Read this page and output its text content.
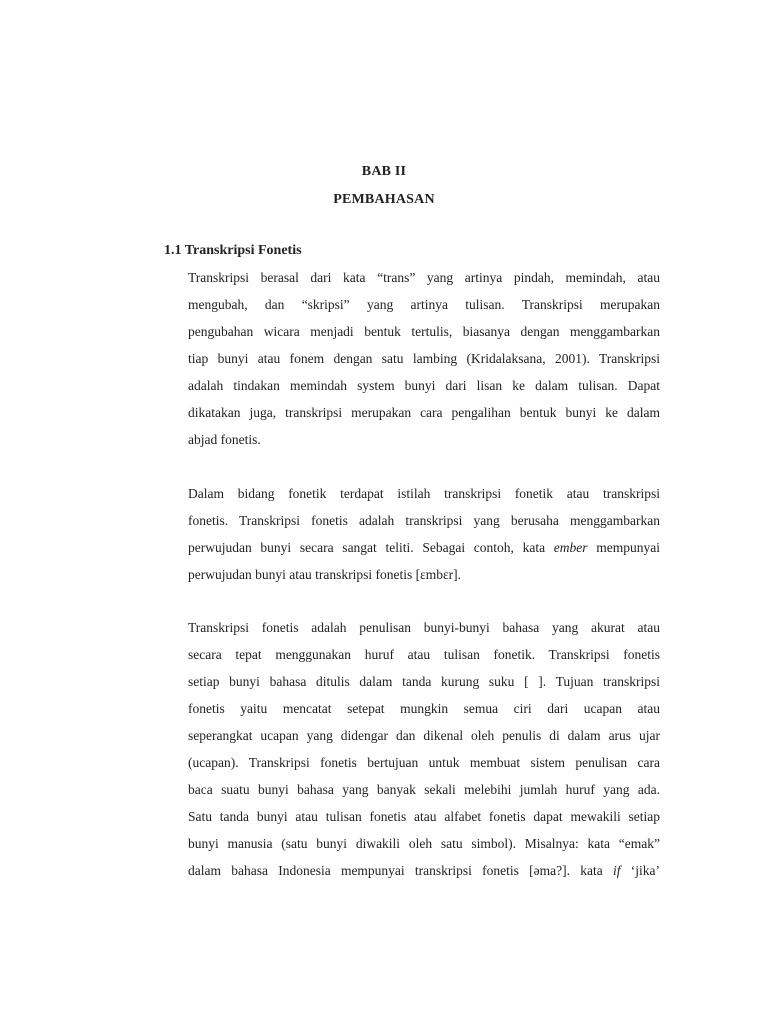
BAB II
PEMBAHASAN
1.1 Transkripsi Fonetis
Transkripsi berasal dari kata “trans” yang artinya pindah, memindah, atau
mengubah, dan “skripsi” yang artinya tulisan. Transkripsi merupakan
pengubahan wicara menjadi bentuk tertulis, biasanya dengan menggambarkan
tiap bunyi atau fonem dengan satu lambing (Kridalaksana, 2001). Transkripsi
adalah tindakan memindah system bunyi dari lisan ke dalam tulisan. Dapat
dikatakan juga, transkripsi merupakan cara pengalihan bentuk bunyi ke dalam
abjad fonetis.
Dalam bidang fonetik terdapat istilah transkripsi fonetik atau transkripsi
fonetis. Transkripsi fonetis adalah transkripsi yang berusaha menggambarkan
perwujudan bunyi secara sangat teliti. Sebagai contoh, kata ember mempunyai
perwujudan bunyi atau transkripsi fonetis [ɛmbɛr].
Transkripsi fonetis adalah penulisan bunyi-bunyi bahasa yang akurat atau
secara tepat menggunakan huruf atau tulisan fonetik. Transkripsi fonetis
setiap bunyi bahasa ditulis dalam tanda kurung suku [ ]. Tujuan transkripsi
fonetis yaitu mencatat setepat mungkin semua ciri dari ucapan atau
seperangkat ucapan yang didengar dan dikenal oleh penulis di dalam arus ujar
(ucapan). Transkripsi fonetis bertujuan untuk membuat sistem penulisan cara
baca suatu bunyi bahasa yang banyak sekali melebihi jumlah huruf yang ada.
Satu tanda bunyi atau tulisan fonetis atau alfabet fonetis dapat mewakili setiap
bunyi manusia (satu bunyi diwakili oleh satu simbol). Misalnya: kata “emak”
dalam bahasa Indonesia mempunyai transkripsi fonetis [əma?]. kata if ‘jika’
